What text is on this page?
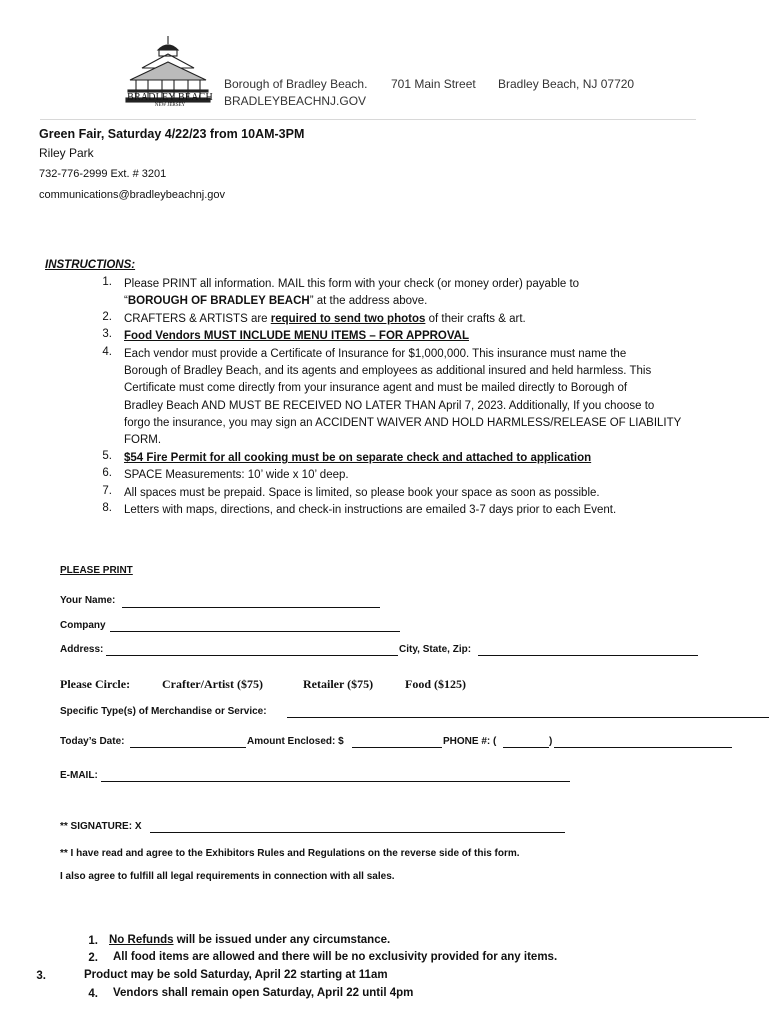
BRADLEY BEACH
NEW JERSEY
Borough of Bradley Beach. 701 Main Street Bradley Beach, NJ 07720
BRADLEYBEACHNJ.GOV
Green Fair, Saturday 4/22/23 from 10AM-3PM
Riley Park
732-776-2999 Ext. # 3201
communications@bradleybeachnj.gov
INSTRUCTIONS:
1. Please PRINT all information. MAIL this form with your check (or money order) payable to
“BOROUGH OF BRADLEY BEACH” at the address above.
2. CRAFTERS & ARTISTS are required to send two photos of their crafts & art.
3. Food Vendors MUST INCLUDE MENU ITEMS – FOR APPROVAL
4. Each vendor must provide a Certificate of Insurance for $1,000,000. This insurance must name the
Borough of Bradley Beach, and its agents and employees as additional insured and held harmless. This
Certificate must come directly from your insurance agent and must be mailed directly to Borough of
Bradley Beach AND MUST BE RECEIVED NO LATER THAN April 7, 2023. Additionally, If you choose to
forgo the insurance, you may sign an ACCIDENT WAIVER AND HOLD HARMLESS/RELEASE OF LIABILITY
FORM.
5. $54 Fire Permit for all cooking must be on separate check and attached to application
6. SPACE Measurements: 10’ wide x 10’ deep.
7. All spaces must be prepaid. Space is limited, so please book your space as soon as possible.
8. Letters with maps, directions, and check-in instructions are emailed 3-7 days prior to each Event.
PLEASE PRINT
Your Name:
Company
Address:	City, State, Zip:
Please Circle:	Crafter/Artist ($75)	Retailer ($75)	Food ($125)
Specific Type(s) of Merchandise or Service:
Today’s Date:	Amount Enclosed: $	PHONE #: (	)
E-MAIL:
** SIGNATURE: X
** I have read and agree to the Exhibitors Rules and Regulations on the reverse side of this form.
I also agree to fulfill all legal requirements in connection with all sales.
1. No Refunds will be issued under any circumstance.
2. All food items are allowed and there will be no exclusivity provided for any items.
3.	Product may be sold Saturday, April 22 starting at 11am
4. Vendors shall remain open Saturday, April 22 until 4pm
